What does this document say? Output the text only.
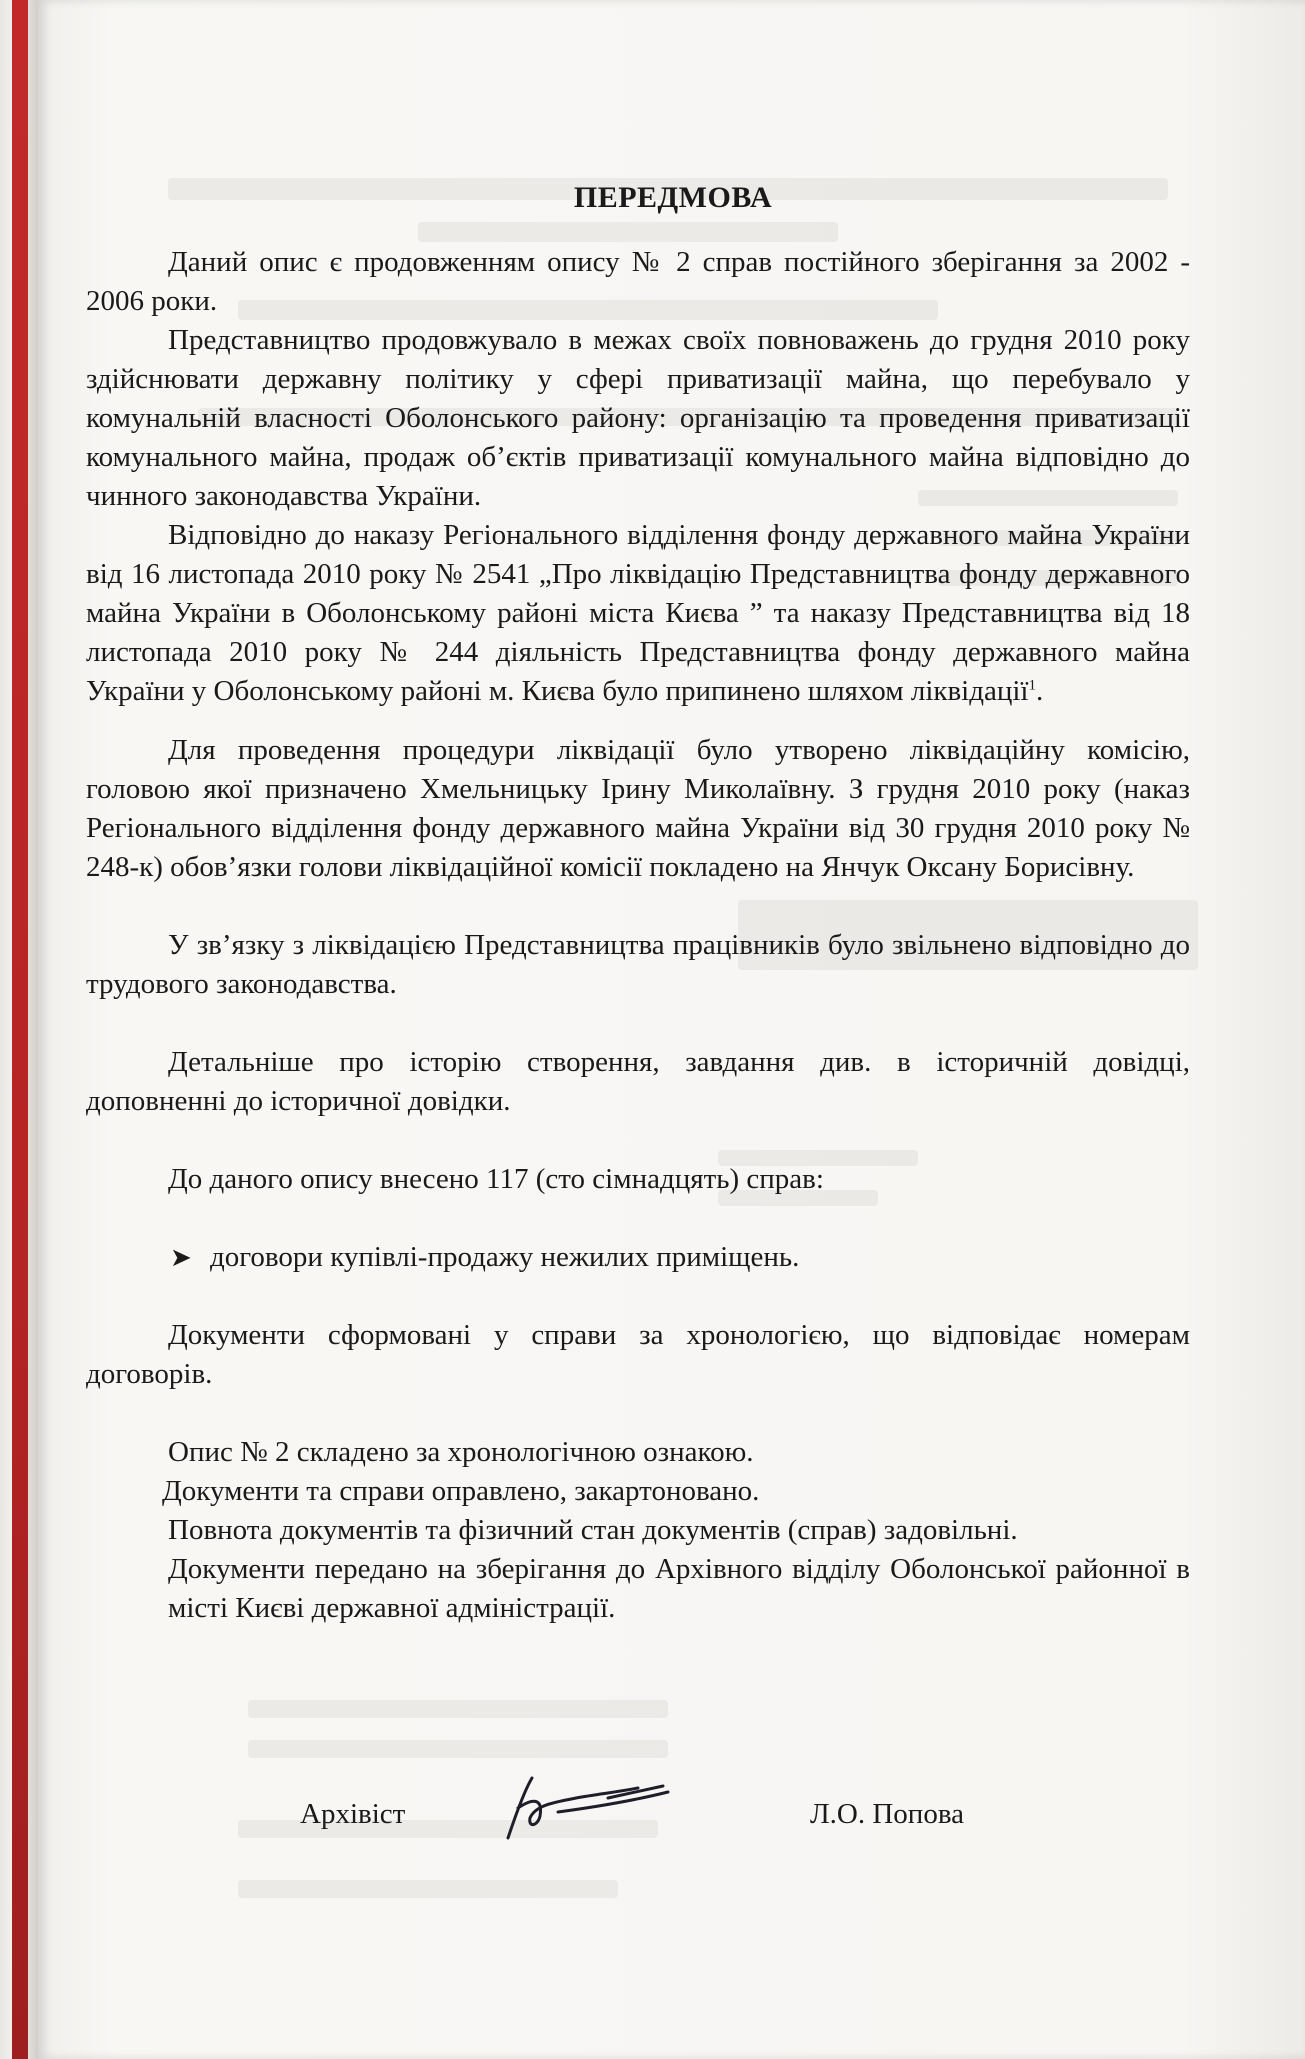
ПЕРЕДМОВА

Даний опис є продовженням опису № 2 справ постійного зберігання за 2002 - 2006 роки.

Представництво продовжувало в межах своїх повноважень до грудня 2010 року здійснювати державну політику у сфері приватизації майна, що перебувало у комунальній власності Оболонського району: організацію та проведення приватизації комунального майна, продаж об’єктів приватизації комунального майна відповідно до чинного законодавства України.

Відповідно до наказу Регіонального відділення фонду державного майна України від 16 листопада 2010 року № 2541 „Про ліквідацію Представництва фонду державного майна України в Оболонському районі міста Києва ” та наказу Представництва від 18 листопада 2010 року № 244 діяльність Представництва фонду державного майна України у Оболонському районі м. Києва було припинено шляхом ліквідації$^1$.

Для проведення процедури ліквідації було утворено ліквідаційну комісію, головою якої призначено Хмельницьку Ірину Миколаївну. З грудня 2010 року (наказ Регіонального відділення фонду державного майна України від 30 грудня 2010 року № 248-к) обов’язки голови ліквідаційної комісії покладено на Янчук Оксану Борисівну.

У зв’язку з ліквідацією Представництва працівників було звільнено відповідно до трудового законодавства.

Детальніше про історію створення, завдання див. в історичній довідці, доповненні до історичної довідки.

До даного опису внесено 117 (сто сімнадцять) справ:

➤ договори купівлі-продажу нежилих приміщень.

Документи сформовані у справи за хронологією, що відповідає номерам договорів.

Опис № 2 складено за хронологічною ознакою.

Документи та справи оправлено, закартоновано.

Повнота документів та фізичний стан документів (справ) задовільні.

Документи передано на зберігання до Архівного відділу Оболонської районної в місті Києві державної адміністрації.

Архівіст	Л.О. Попова
